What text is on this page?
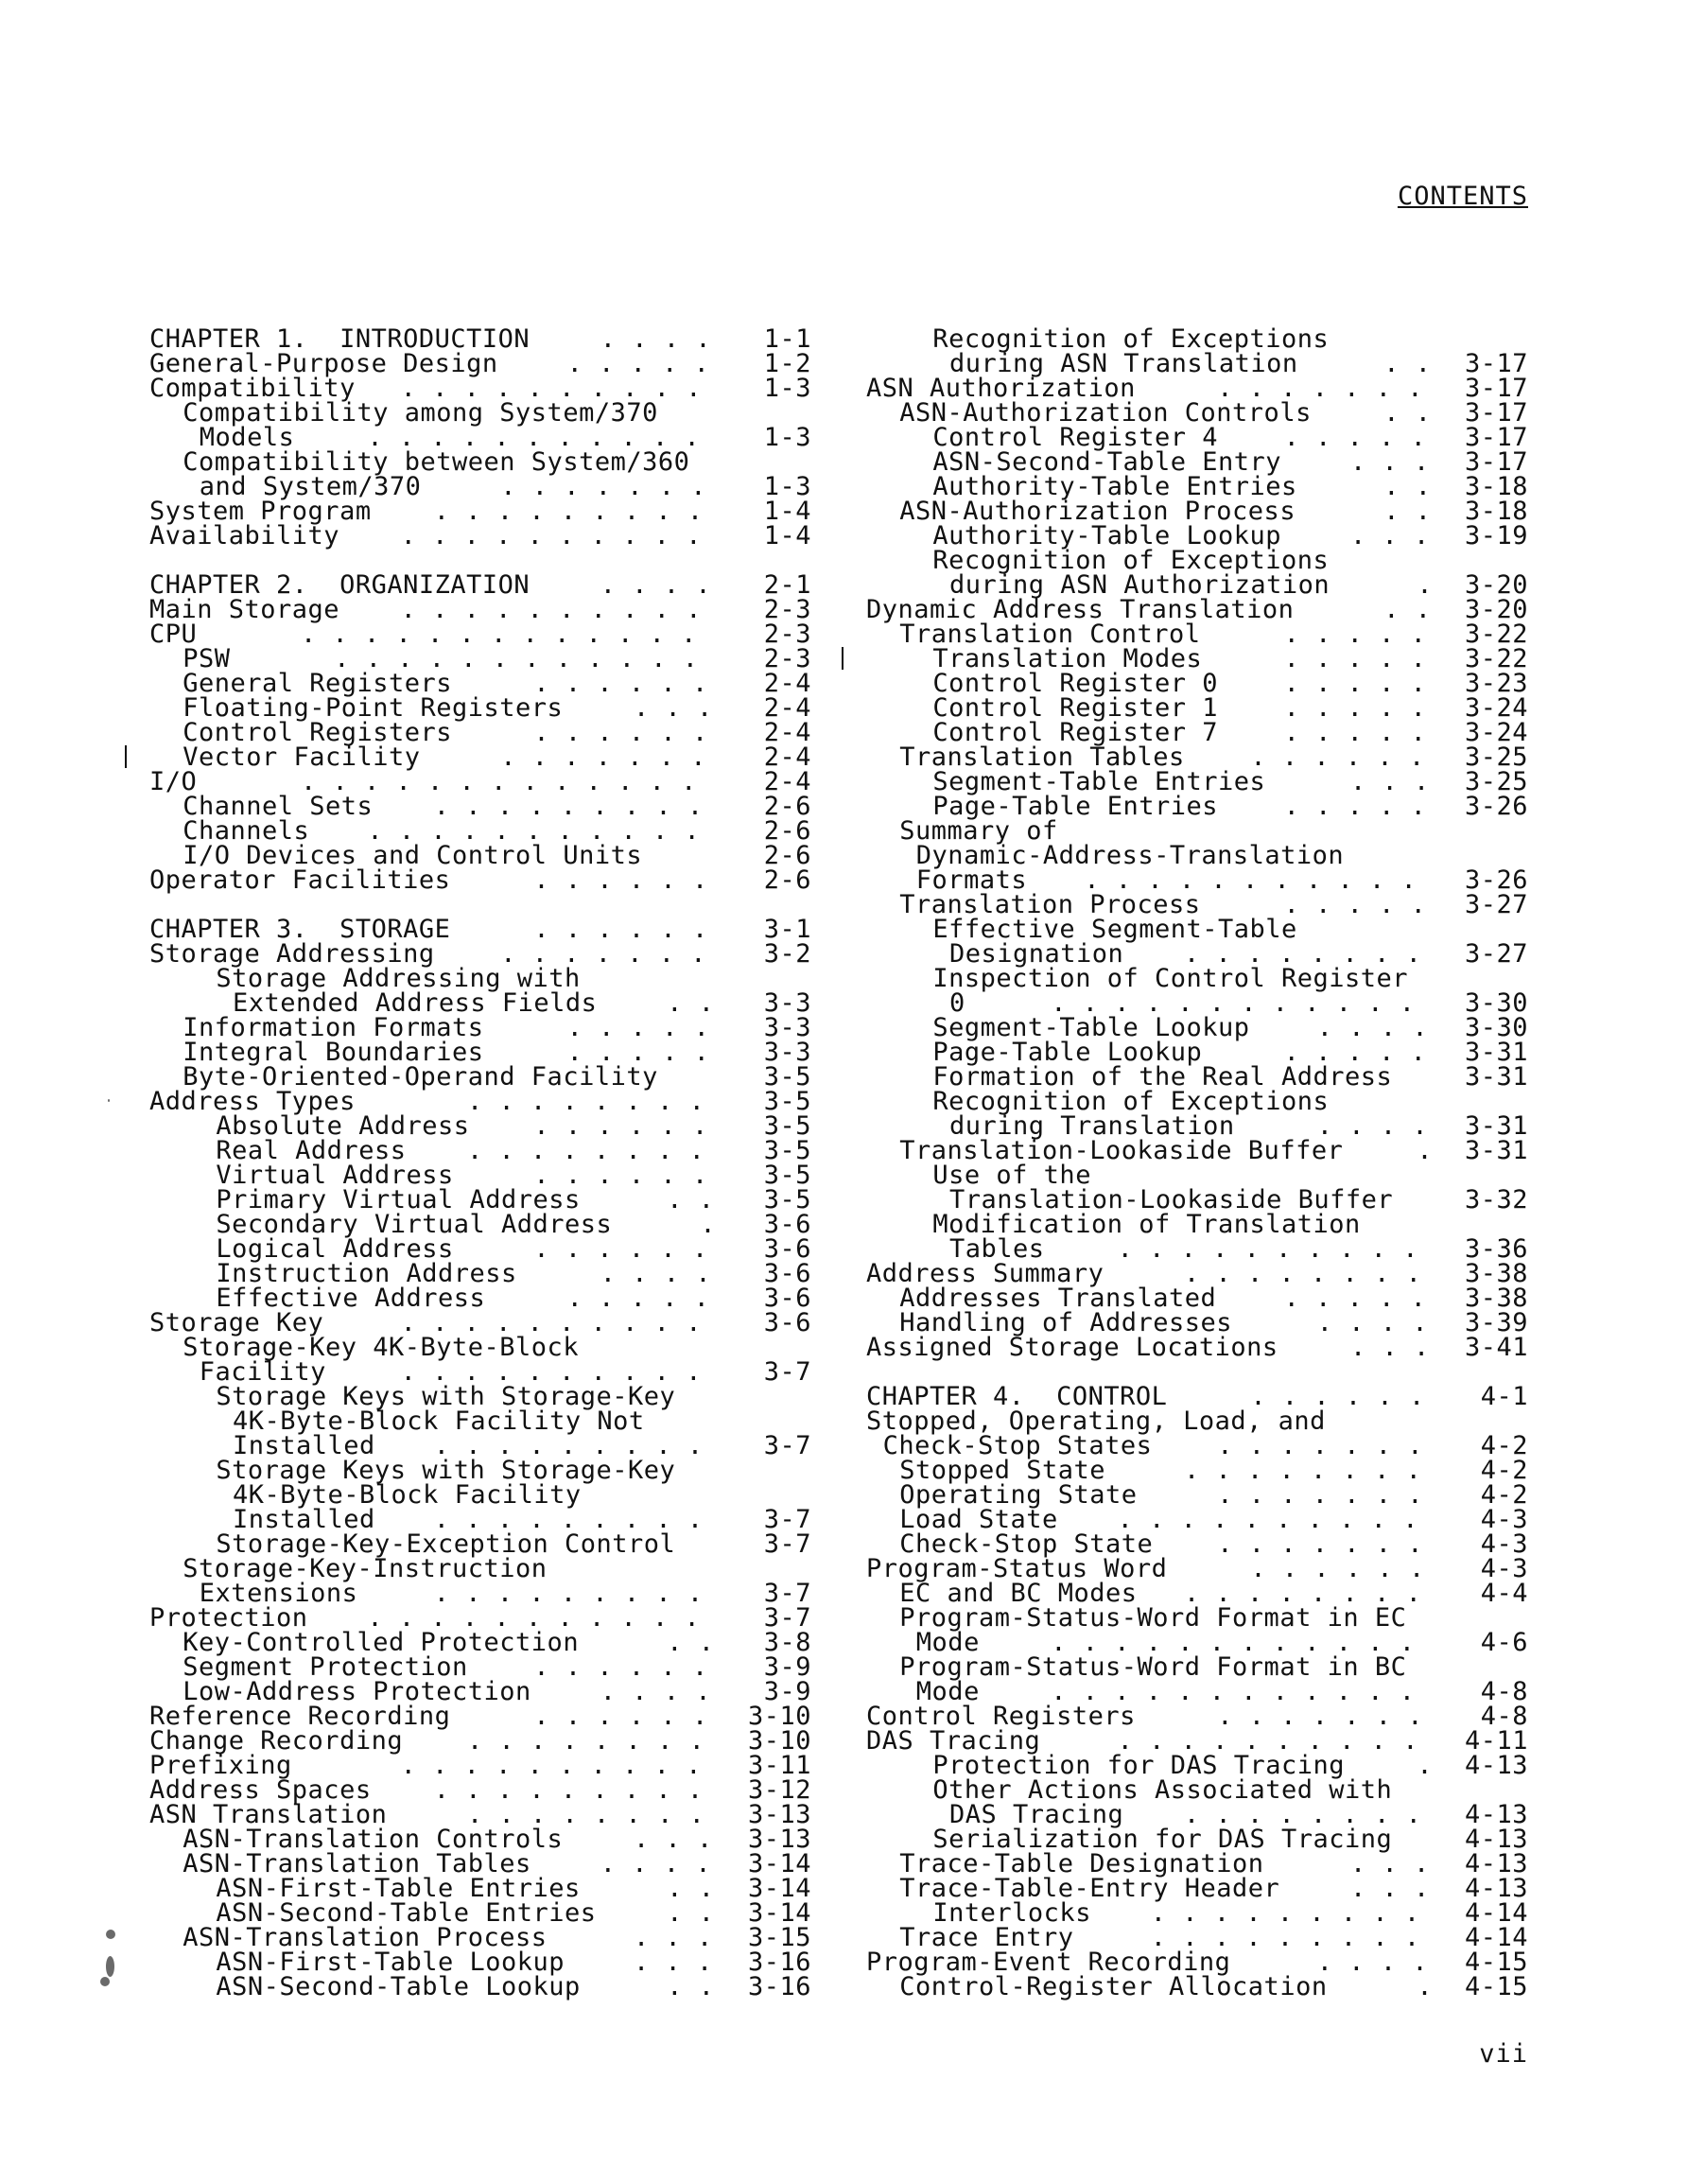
CONTENTS
CHAPTER 1.  INTRODUCTION	. . . . 1-1
General-Purpose Design	. . . . . 1-2
Compatibility . . . . . . . . . . 1-3
Compatibility among System/370
Models	. . . . . . . . . . . 1-3
Compatibility between System/360
and System/370	. . . . . . . 1-3
System Program . . . . . . . . . 1-4
Availability . . . . . . . . . . 1-4
CHAPTER 2.  ORGANIZATION	. . . . 2-1
Main Storage . . . . . . . . . . 2-3
CPU	. . . . . . . . . . . . .	2-3
PSW	. . . . . . . . . . . .	2-3
General Registers	. . . . . . 2-4
Floating-Point Registers	. . . 2-4
Control Registers	. . . . . . 2-4
Vector Facility	. . . . . . . 2-4
I/O	. . . . . . . . . . . . .	2-4
Channel Sets . . . . . . . . . 2-6
Channels . . . . . . . . . . . 2-6
I/O Devices and Control Units	2-6
Operator Facilities	. . . . . . 2-6
CHAPTER 3.  STORAGE	. . . . . . 3-1
Storage Addressing	. . . . . . . 3-2
Storage Addressing with
Extended Address Fields	. . 3-3
Information Formats	. . . . . 3-3
Integral Boundaries	. . . . . 3-3
Byte-Oriented-Operand Facility	3-5
Address Types	. . . . . . . . 3-5
Absolute Address	. . . . . . 3-5
Real Address . . . . . . . . 3-5
Virtual Address	. . . . . . 3-5
Primary Virtual Address	. . 3-5
Secondary Virtual Address	. 3-6
Logical Address	. . . . . . 3-6
Instruction Address	. . . . 3-6
Effective Address	. . . . . 3-6
Storage Key	. . . . . . . . . . 3-6
Storage-Key 4K-Byte-Block
Facility	. . . . . . . . . . 3-7
Storage Keys with Storage-Key
4K-Byte-Block Facility Not
Installed . . . . . . . . . 3-7
Storage Keys with Storage-Key
4K-Byte-Block Facility
Installed . . . . . . . . . 3-7
Storage-Key-Exception Control	3-7
Storage-Key-Instruction
Extensions	. . . . . . . . . 3-7
Protection . . . . . . . . . . . 3-7
Key-Controlled Protection	. . 3-8
Segment Protection	. . . . . . 3-9
Low-Address Protection	. . . . 3-9
Reference Recording	. . . . . . 3-10
Change Recording	. . . . . . . . 3-10
Prefixing	. . . . . . . . . . 3-11
Address Spaces . . . . . . . . . 3-12
ASN Translation	. . . . . . . . 3-13
ASN-Translation Controls	. . . 3-13
ASN-Translation Tables	. . . . 3-14
ASN-First-Table Entries	. . 3-14
ASN-Second-Table Entries	. . 3-14
ASN-Translation Process	. . . 3-15
ASN-First-Table Lookup	. . . 3-16
ASN-Second-Table Lookup	. . 3-16
Recognition of Exceptions
during ASN Translation	. . 3-17
ASN Authorization	. . . . . . . 3-17
ASN-Authorization Controls	. . 3-17
Control Register 4	. . . . . 3-17
ASN-Second-Table Entry	. . . 3-17
Authority-Table Entries	. . 3-18
ASN-Authorization Process	. . 3-18
Authority-Table Lookup	. . . 3-19
Recognition of Exceptions
during ASN Authorization	. 3-20
Dynamic Address Translation	. . 3-20
Translation Control	. . . . . 3-22
Translation Modes	. . . . . 3-22
Control Register 0	. . . . . 3-23
Control Register 1	. . . . . 3-24
Control Register 7	. . . . . 3-24
Translation Tables	. . . . . . 3-25
Segment-Table Entries	. . . 3-25
Page-Table Entries	. . . . . 3-26
Summary of
Dynamic-Address-Translation
Formats . . . . . . . . . . . 3-26
Translation Process	. . . . . 3-27
Effective Segment-Table
Designation . . . . . . . . 3-27
Inspection of Control Register
0	. . . . . . . . . . . . 3-30
Segment-Table Lookup	. . . . 3-30
Page-Table Lookup	. . . . . 3-31
Formation of the Real Address	3-31
Recognition of Exceptions
during Translation	. . . . 3-31
Translation-Lookaside Buffer	. 3-31
Use of the
Translation-Lookaside Buffer	3-32
Modification of Translation
Tables	. . . . . . . . . . 3-36
Address Summary	. . . . . . . . 3-38
Addresses Translated	. . . . . 3-38
Handling of Addresses	. . . . 3-39
Assigned Storage Locations	. . . 3-41
CHAPTER 4.  CONTROL	. . . . . . 4-1
Stopped, Operating, Load, and
Check-Stop States	. . . . . . . 4-2
Stopped State	. . . . . . . . 4-2
Operating State	. . . . . . . 4-2
Load State . . . . . . . . . . 4-3
Check-Stop State	. . . . . . . 4-3
Program-Status Word	. . . . . . 4-3
EC and BC Modes . . . . . . . . 4-4
Program-Status-Word Format in EC
Mode	. . . . . . . . . . . .	4-6
Program-Status-Word Format in BC
Mode	. . . . . . . . . . . .	4-8
Control Registers	. . . . . . . 4-8
DAS Tracing	. . . . . . . . . . 4-11
Protection for DAS Tracing	. 4-13
Other Actions Associated with
DAS Tracing . . . . . . . . 4-13
Serialization for DAS Tracing	4-13
Trace-Table Designation	. . . 4-13
Trace-Table-Entry Header	. . . 4-13
Interlocks . . . . . . . . . 4-14
Trace Entry	. . . . . . . . . 4-14
Program-Event Recording	. . . . 4-15
Control-Register Allocation	. 4-15
vii
